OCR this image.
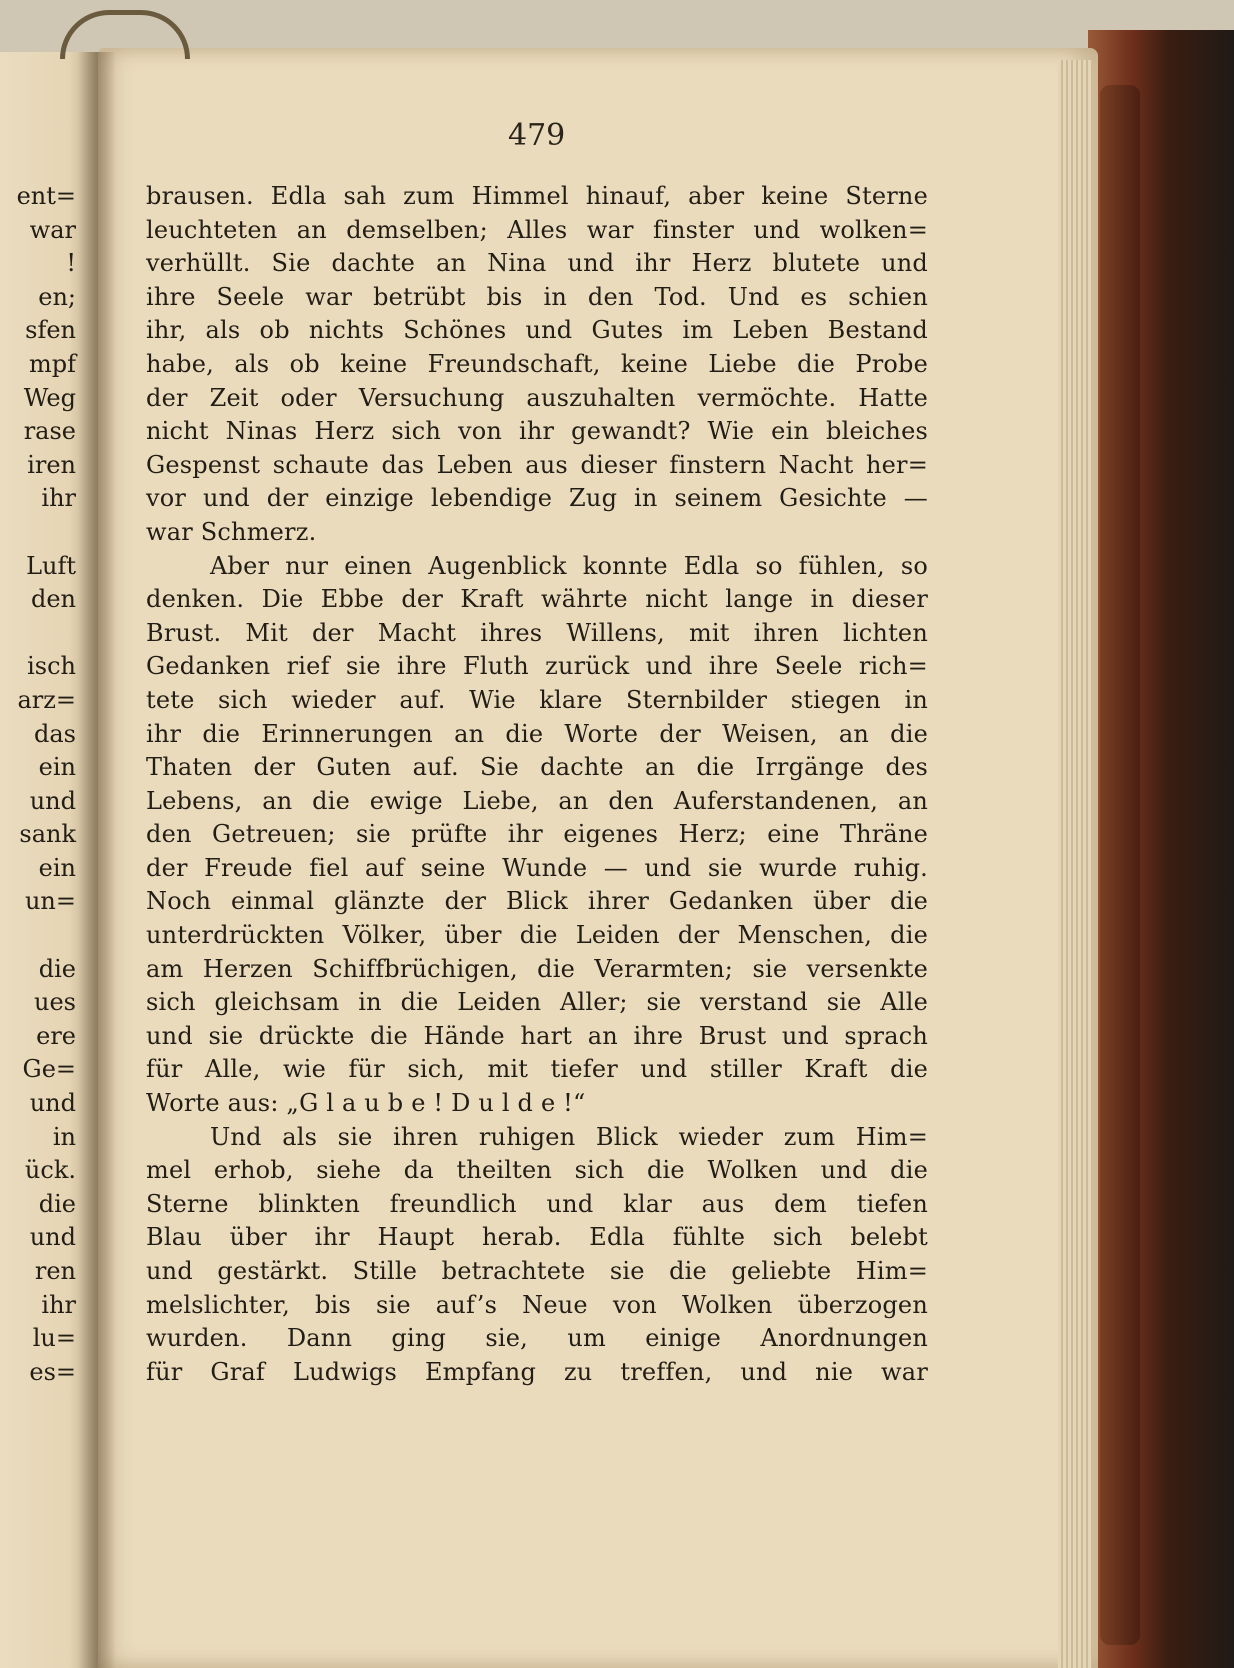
ent=
war
!
en;
sfen
mpf
Weg
rase
iren
ihr
Luft
den
isch
arz=
das
ein
und
sank
ein
un=
die
ues
ere
Ge=
und
in
ück.
die
und
ren
ihr
lu=
es=
479
brausen. Edla sah zum Himmel hinauf, aber keine Sterne
leuchteten an demselben; Alles war finster und wolken=
verhüllt. Sie dachte an Nina und ihr Herz blutete und
ihre Seele war betrübt bis in den Tod. Und es schien
ihr, als ob nichts Schönes und Gutes im Leben Bestand
habe, als ob keine Freundschaft, keine Liebe die Probe
der Zeit oder Versuchung auszuhalten vermöchte. Hatte
nicht Ninas Herz sich von ihr gewandt? Wie ein bleiches
Gespenst schaute das Leben aus dieser finstern Nacht her=
vor und der einzige lebendige Zug in seinem Gesichte —
war Schmerz.
Aber nur einen Augenblick konnte Edla so fühlen, so
denken. Die Ebbe der Kraft währte nicht lange in dieser
Brust. Mit der Macht ihres Willens, mit ihren lichten
Gedanken rief sie ihre Fluth zurück und ihre Seele rich=
tete sich wieder auf. Wie klare Sternbilder stiegen in
ihr die Erinnerungen an die Worte der Weisen, an die
Thaten der Guten auf. Sie dachte an die Irrgänge des
Lebens, an die ewige Liebe, an den Auferstandenen, an
den Getreuen; sie prüfte ihr eigenes Herz; eine Thräne
der Freude fiel auf seine Wunde — und sie wurde ruhig.
Noch einmal glänzte der Blick ihrer Gedanken über die
unterdrückten Völker, über die Leiden der Menschen, die
am Herzen Schiffbrüchigen, die Verarmten; sie versenkte
sich gleichsam in die Leiden Aller; sie verstand sie Alle
und sie drückte die Hände hart an ihre Brust und sprach
für Alle, wie für sich, mit tiefer und stiller Kraft die
Worte aus: „G l a u b e ! D u l d e !“
Und als sie ihren ruhigen Blick wieder zum Him=
mel erhob, siehe da theilten sich die Wolken und die
Sterne blinkten freundlich und klar aus dem tiefen
Blau über ihr Haupt herab. Edla fühlte sich belebt
und gestärkt. Stille betrachtete sie die geliebte Him=
melslichter, bis sie auf’s Neue von Wolken überzogen
wurden. Dann ging sie, um einige Anordnungen
für Graf Ludwigs Empfang zu treffen, und nie war
